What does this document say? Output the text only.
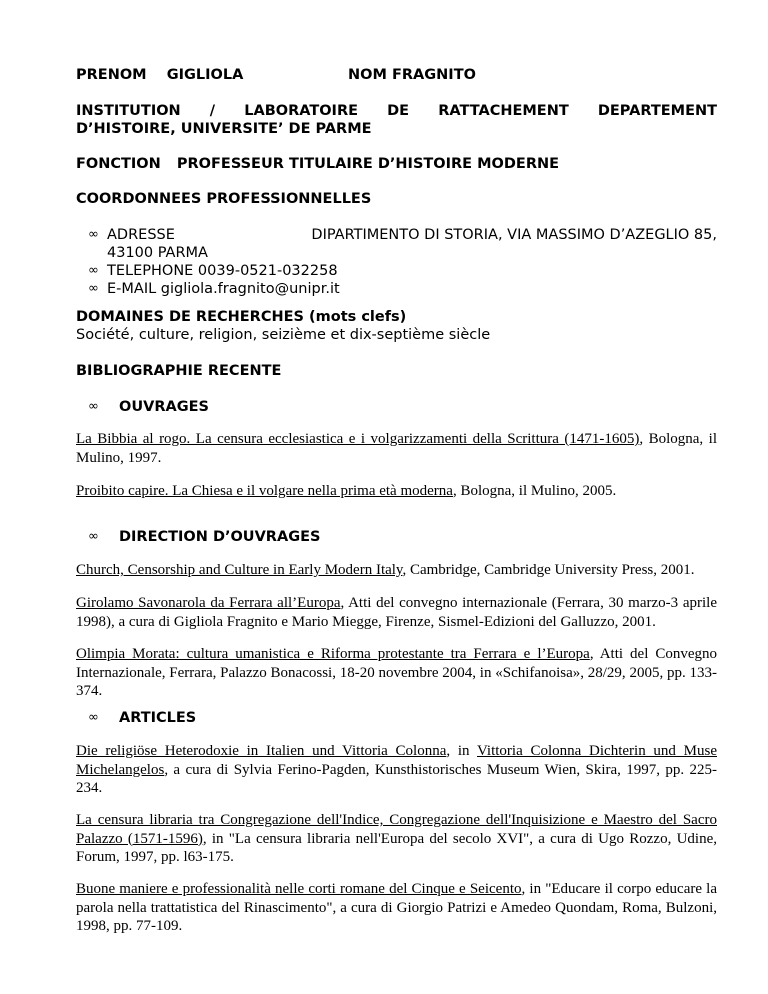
PRENOM GIGLIOLA	NOM FRAGNITO
INSTITUTION / LABORATOIRE DE RATTACHEMENT DEPARTEMENT
D’HISTOIRE, UNIVERSITE’ DE PARME
FONCTION PROFESSEUR TITULAIRE D’HISTOIRE MODERNE
COORDONNEES PROFESSIONNELLES
∞ ADRESSE	DIPARTIMENTO DI STORIA, VIA MASSIMO D’AZEGLIO 85,
43100 PARMA
∞ TELEPHONE 0039-0521-032258
∞ E-MAIL gigliola.fragnito@unipr.it
DOMAINES DE RECHERCHES (mots clefs)
Société, culture, religion, seizième et dix-septième siècle
BIBLIOGRAPHIE RECENTE
∞ OUVRAGES
La Bibbia al rogo. La censura ecclesiastica e i volgarizzamenti della Scrittura (1471-1605), Bologna, il Mulino, 1997.
Proibito capire. La Chiesa e il volgare nella prima età moderna, Bologna, il Mulino, 2005.
∞ DIRECTION D’OUVRAGES
Church, Censorship and Culture in Early Modern Italy, Cambridge, Cambridge University Press, 2001.
Girolamo Savonarola da Ferrara all’Europa, Atti del convegno internazionale (Ferrara, 30 marzo-3 aprile 1998), a cura di Gigliola Fragnito e Mario Miegge, Firenze, Sismel-Edizioni del Galluzzo, 2001.
Olimpia Morata: cultura umanistica e Riforma protestante tra Ferrara e l’Europa, Atti del Convegno Internazionale, Ferrara, Palazzo Bonacossi, 18-20 novembre 2004, in «Schifanoisa», 28/29, 2005, pp. 133-374.
∞ ARTICLES
Die religiöse Heterodoxie in Italien und Vittoria Colonna, in Vittoria Colonna Dichterin und Muse Michelangelos, a cura di Sylvia Ferino-Pagden, Kunsthistorisches Museum Wien, Skira, 1997, pp. 225-234.
La censura libraria tra Congregazione dell'Indice, Congregazione dell'Inquisizione e Maestro del Sacro Palazzo (1571-1596), in "La censura libraria nell'Europa del secolo XVI", a cura di Ugo Rozzo, Udine, Forum, 1997, pp. l63-175.
Buone maniere e professionalità nelle corti romane del Cinque e Seicento, in "Educare il corpo educare la parola nella trattatistica del Rinascimento", a cura di Giorgio Patrizi e Amedeo Quondam, Roma, Bulzoni, 1998, pp. 77-109.
